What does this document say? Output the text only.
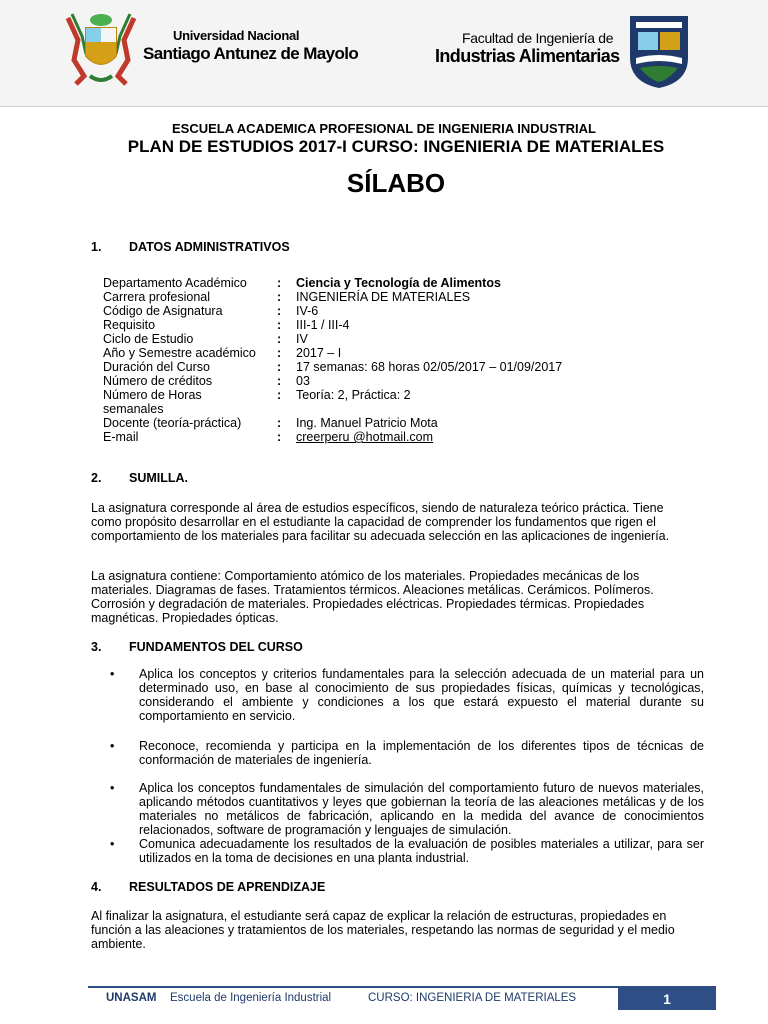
Universidad Nacional
Santiago Antunez de Mayolo
Facultad de Ingeniería de
Industrias Alimentarias
ESCUELA ACADEMICA PROFESIONAL DE INGENIERIA INDUSTRIAL
PLAN DE ESTUDIOS 2017-I CURSO: INGENIERIA DE MATERIALES
SÍLABO
1. DATOS ADMINISTRATIVOS
Departamento Académico	: Ciencia y Tecnología de Alimentos
Carrera profesional	: INGENIERÍA DE MATERIALES
Código de Asignatura	: IV-6
Requisito	: III-1 / III-4
Ciclo de Estudio	: IV
Año y Semestre académico	: 2017 – I
Duración del Curso	: 17 semanas: 68 horas 02/05/2017 – 01/09/2017
Número de créditos	: 03
Número de Horas semanales
: Teoría: 2, Práctica: 2
Docente (teoría-práctica)	: Ing. Manuel Patricio Mota
E-mail	: creerperu @hotmail.com
2. SUMILLA.
La asignatura corresponde al área de estudios específicos, siendo de naturaleza teórico práctica. Tiene como propósito desarrollar en el estudiante la capacidad de comprender los fundamentos que rigen el comportamiento de los materiales para facilitar su adecuada selección en las aplicaciones de ingeniería.
La asignatura contiene: Comportamiento atómico de los materiales. Propiedades mecánicas de los materiales. Diagramas de fases. Tratamientos térmicos. Aleaciones metálicas. Cerámicos. Polímeros. Corrosión y degradación de materiales. Propiedades eléctricas. Propiedades térmicas. Propiedades magnéticas. Propiedades ópticas.
3. FUNDAMENTOS DEL CURSO
• Aplica los conceptos y criterios fundamentales para la selección adecuada de un material para un determinado uso, en base al conocimiento de sus propiedades físicas, químicas y tecnológicas, considerando el ambiente y condiciones a los que estará expuesto el material durante su comportamiento en servicio.
• Reconoce, recomienda y participa en la implementación de los diferentes tipos de técnicas de conformación de materiales de ingeniería.
• Aplica los conceptos fundamentales de simulación del comportamiento futuro de nuevos materiales, aplicando métodos cuantitativos y leyes que gobiernan la teoría de las aleaciones metálicas y de los materiales no metálicos de fabricación, aplicando en la medida del avance de conocimientos relacionados, software de programación y lenguajes de simulación.
• Comunica adecuadamente los resultados de la evaluación de posibles materiales a utilizar, para ser utilizados en la toma de decisiones en una planta industrial.
4. RESULTADOS DE APRENDIZAJE
Al finalizar la asignatura, el estudiante será capaz de explicar la relación de estructuras, propiedades en función a las aleaciones y tratamientos de los materiales, respetando las normas de seguridad y el medio ambiente.
UNASAM Escuela de Ingeniería Industrial	CURSO: INGENIERIA DE MATERIALES	1
